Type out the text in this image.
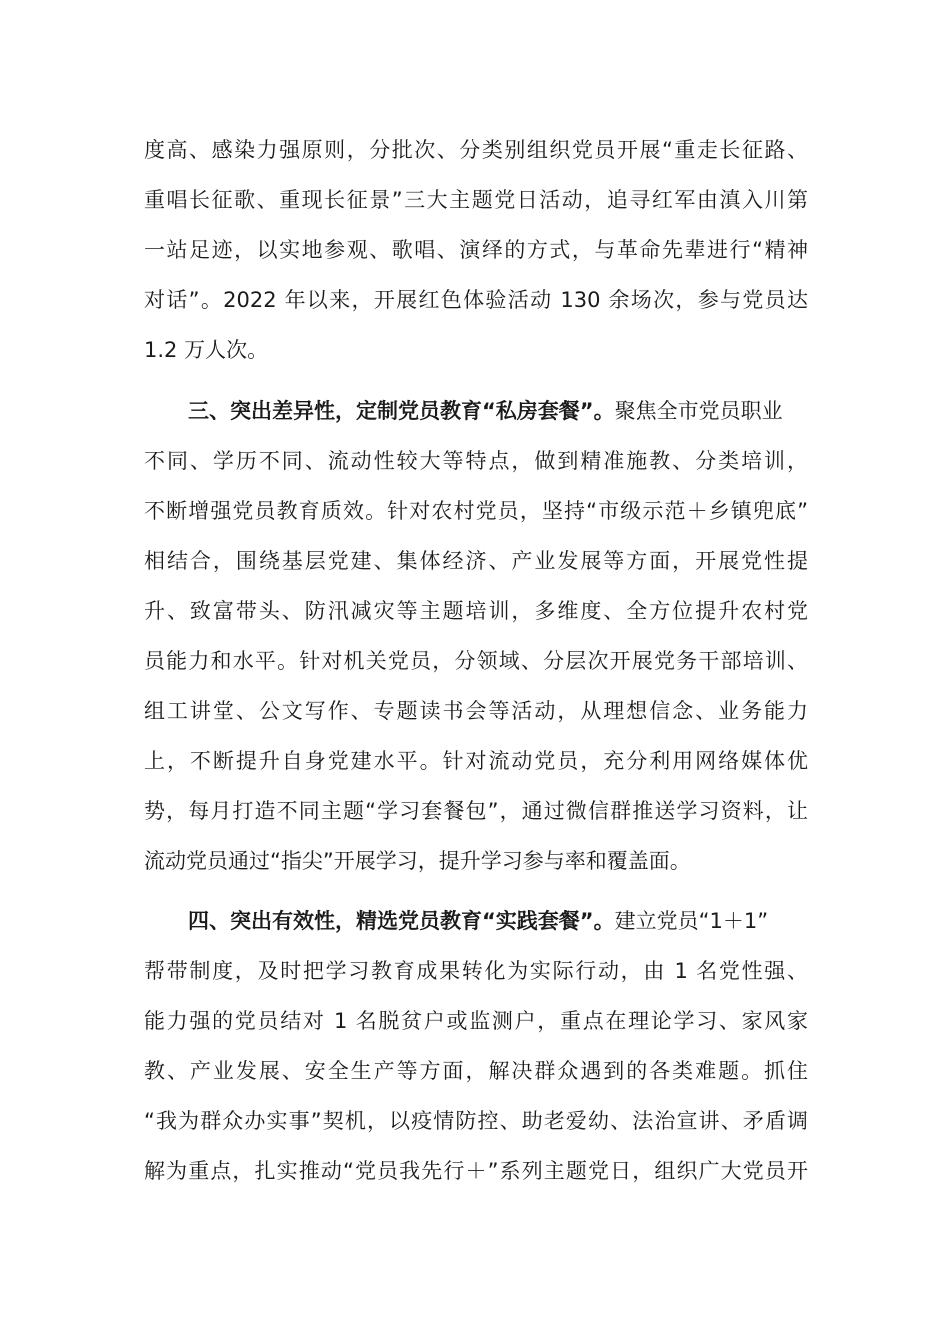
度高、感染力强原则，分批次、分类别组织党员开展“重走长征路、
重唱长征歌、重现长征景”三大主题党日活动，追寻红军由滇入川第
一站足迹，以实地参观、歌唱、演绎的方式，与革命先辈进行“精神
对话”。2022 年以来，开展红色体验活动 130 余场次，参与党员达
1.2 万人次。
三、突出差异性，定制党员教育“私房套餐”。聚焦全市党员职业
不同、学历不同、流动性较大等特点，做到精准施教、分类培训，
不断增强党员教育质效。针对农村党员，坚持“市级示范＋乡镇兜底”
相结合，围绕基层党建、集体经济、产业发展等方面，开展党性提
升、致富带头、防汛减灾等主题培训，多维度、全方位提升农村党
员能力和水平。针对机关党员，分领域、分层次开展党务干部培训、
组工讲堂、公文写作、专题读书会等活动，从理想信念、业务能力
上，不断提升自身党建水平。针对流动党员，充分利用网络媒体优
势，每月打造不同主题“学习套餐包”，通过微信群推送学习资料，让
流动党员通过“指尖”开展学习，提升学习参与率和覆盖面。
四、突出有效性，精选党员教育“实践套餐”。建立党员“1＋1”
帮带制度，及时把学习教育成果转化为实际行动，由 1 名党性强、
能力强的党员结对 1 名脱贫户或监测户，重点在理论学习、家风家
教、产业发展、安全生产等方面，解决群众遇到的各类难题。抓住
“我为群众办实事”契机，以疫情防控、助老爱幼、法治宣讲、矛盾调
解为重点，扎实推动“党员我先行＋”系列主题党日，组织广大党员开
